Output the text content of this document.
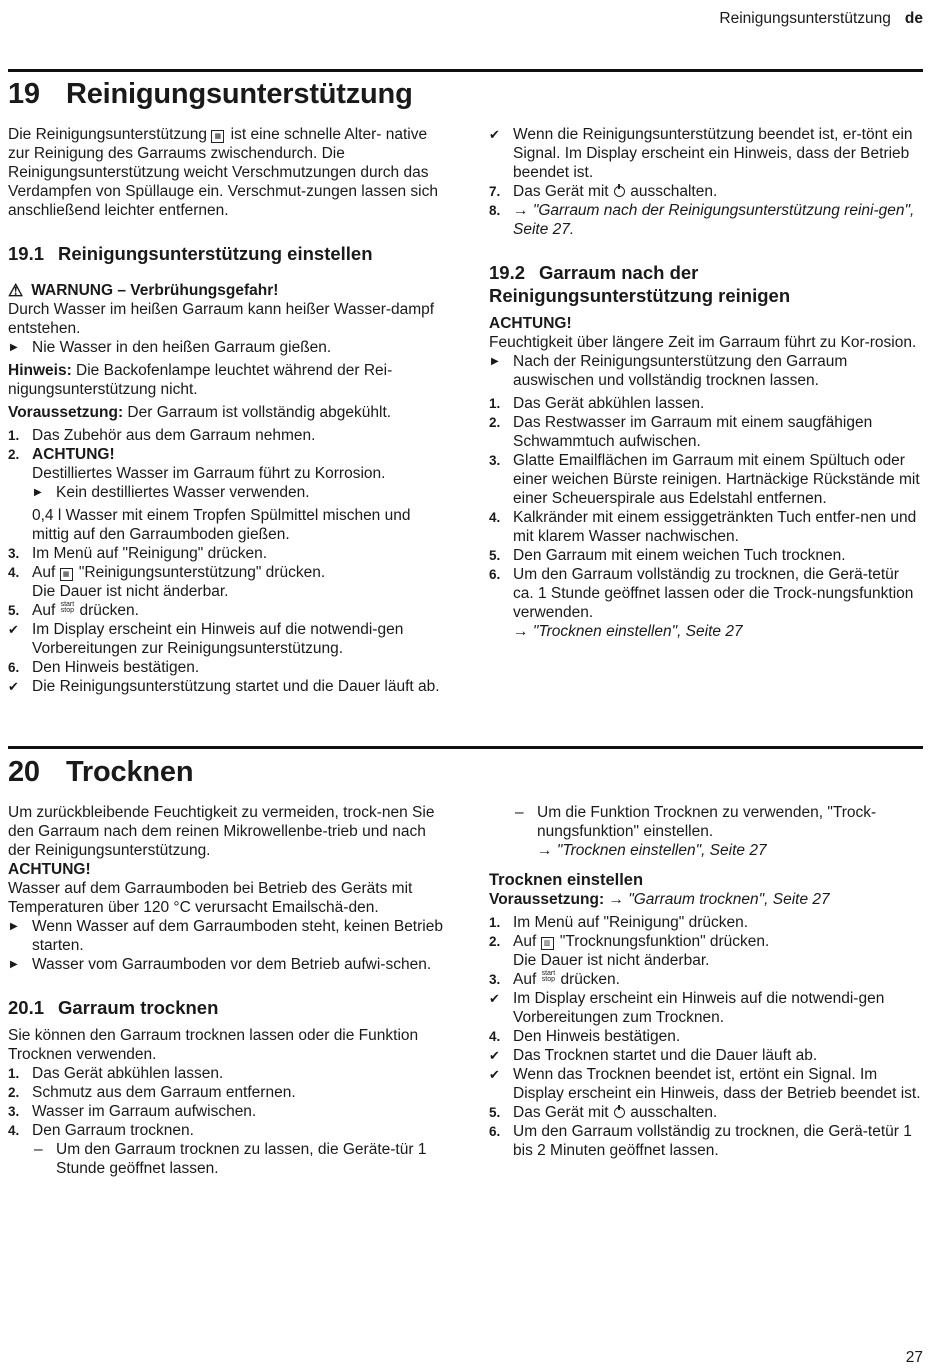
Reinigungsunterstützung de
19 Reinigungsunterstützung

Die Reinigungsunterstützung ▦ ist eine schnelle Alter- native zur Reinigung des Garraums zwischendurch. Die Reinigungsunterstützung weicht Verschmutzungen durch das Verdampfen von Spüllauge ein. Verschmut-zungen lassen sich anschließend leichter entfernen.

19.1 Reinigungsunterstützung einstellen

⚠ WARNUNG – Verbrühungsgefahr!

Durch Wasser im heißen Garraum kann heißer Wasser-dampf entstehen.

▶ Nie Wasser in den heißen Garraum gießen.

Hinweis: Die Backofenlampe leuchtet während der Rei-nigungsunterstützung nicht.

Voraussetzung: Der Garraum ist vollständig abgekühlt.

1. Das Zubehör aus dem Garraum nehmen.
2. ACHTUNG!

Destilliertes Wasser im Garraum führt zu Korrosion.

▶ Kein destilliertes Wasser verwenden.

0,4 l Wasser mit einem Tropfen Spülmittel mischen und mittig auf den Garraumboden gießen.

3. Im Menü auf "Reinigung" drücken.
4. Auf ▦ "Reinigungsunterstützung" drücken.
Die Dauer ist nicht änderbar.
5. Auf start
stop drücken.
✔ Im Display erscheint ein Hinweis auf die notwendi-gen Vorbereitungen zur Reinigungsunterstützung.
6. Den Hinweis bestätigen.
✔ Die Reinigungsunterstützung startet und die Dauer läuft ab.
✔ Wenn die Reinigungsunterstützung beendet ist, er-tönt ein Signal. Im Display erscheint ein Hinweis, dass der Betrieb beendet ist.
7. Das Gerät mit  ausschalten.
8. → "Garraum nach der Reinigungsunterstützung reini-gen", Seite 27.

19.2 Garraum nach der Reinigungsunterstützung reinigen

ACHTUNG!

Feuchtigkeit über längere Zeit im Garraum führt zu Kor-rosion.

▶ Nach der Reinigungsunterstützung den Garraum auswischen und vollständig trocknen lassen.
1. Das Gerät abkühlen lassen.
2. Das Restwasser im Garraum mit einem saugfähigen Schwammtuch aufwischen.
3. Glatte Emailflächen im Garraum mit einem Spültuch oder einer weichen Bürste reinigen. Hartnäckige Rückstände mit einer Scheuerspirale aus Edelstahl entfernen.
4. Kalkränder mit einem essiggetränkten Tuch entfer-nen und mit klarem Wasser nachwischen.
5. Den Garraum mit einem weichen Tuch trocknen.
6. Um den Garraum vollständig zu trocknen, die Gerä-tetür ca. 1 Stunde geöffnet lassen oder die Trock-nungsfunktion verwenden.
→ "Trocknen einstellen", Seite 27
20 Trocknen

Um zurückbleibende Feuchtigkeit zu vermeiden, trock-nen Sie den Garraum nach dem reinen Mikrowellenbe-trieb und nach der Reinigungsunterstützung.

ACHTUNG!

Wasser auf dem Garraumboden bei Betrieb des Geräts mit Temperaturen über 120 °C verursacht Emailschä-den.

▶ Wenn Wasser auf dem Garraumboden steht, keinen Betrieb starten.
▶ Wasser vom Garraumboden vor dem Betrieb aufwi-schen.

20.1 Garraum trocknen

Sie können den Garraum trocknen lassen oder die Funktion Trocknen verwenden.

1. Das Gerät abkühlen lassen.
2. Schmutz aus dem Garraum entfernen.
3. Wasser im Garraum aufwischen.
4. Den Garraum trocknen.
– Um den Garraum trocknen zu lassen, die Geräte-tür 1 Stunde geöffnet lassen.
– Um die Funktion Trocknen zu verwenden, "Trock-nungsfunktion" einstellen.
→ "Trocknen einstellen", Seite 27

Trocknen einstellen

Voraussetzung: → "Garraum trocknen", Seite 27

1. Im Menü auf "Reinigung" drücken.
2. Auf ▥ "Trocknungsfunktion" drücken.
Die Dauer ist nicht änderbar.
3. Auf start
stop drücken.
✔ Im Display erscheint ein Hinweis auf die notwendi-gen Vorbereitungen zum Trocknen.
4. Den Hinweis bestätigen.
✔ Das Trocknen startet und die Dauer läuft ab.
✔ Wenn das Trocknen beendet ist, ertönt ein Signal. Im Display erscheint ein Hinweis, dass der Betrieb beendet ist.
5. Das Gerät mit  ausschalten.
6. Um den Garraum vollständig zu trocknen, die Gerä-tetür 1 bis 2 Minuten geöffnet lassen.
27
